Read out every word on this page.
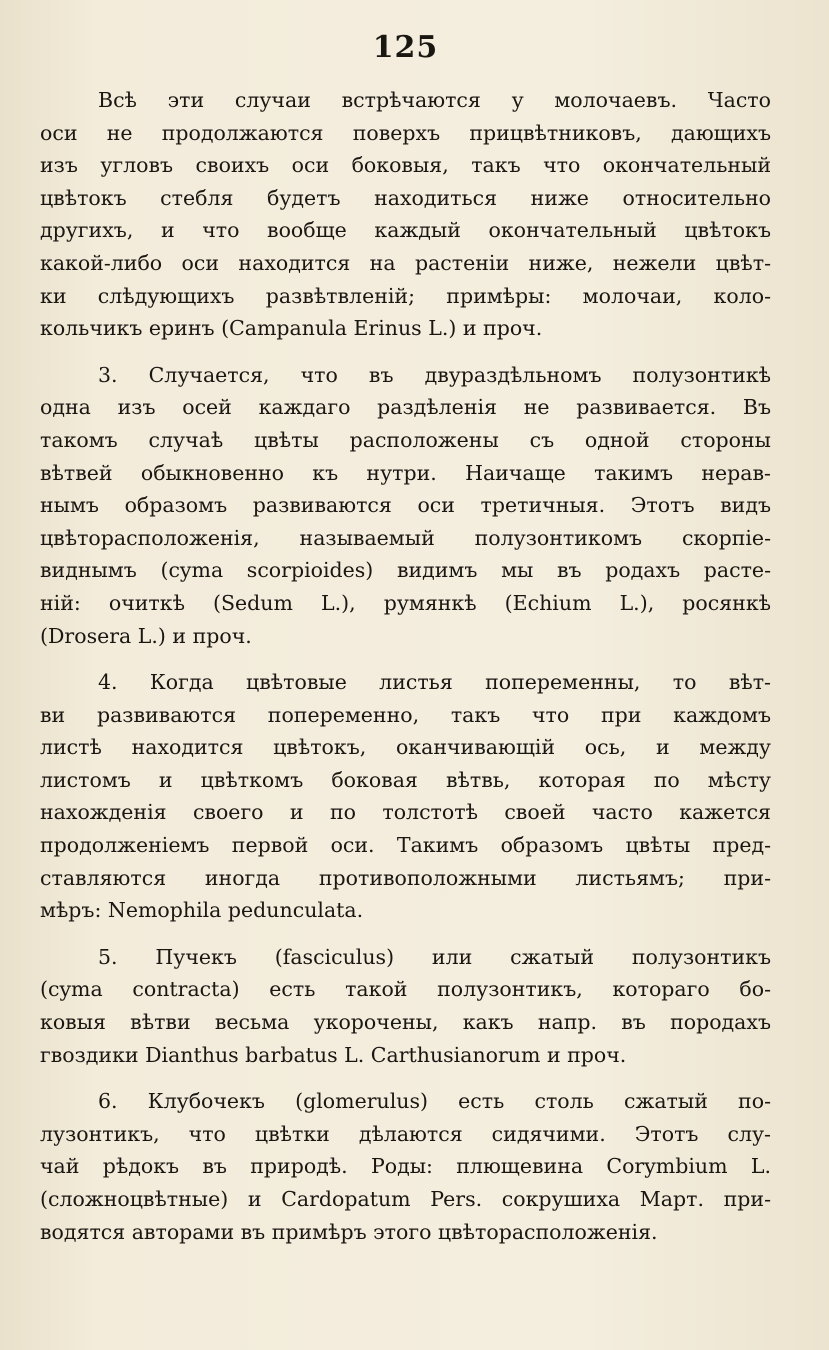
125
Всѣ эти случаи встрѣчаются у молочаевъ. Часто
оси не продолжаются поверхъ прицвѣтниковъ, дающихъ
изъ угловъ своихъ оси боковыя, такъ что окончательный
цвѣтокъ стебля будетъ находиться ниже относительно
другихъ, и что вообще каждый окончательный цвѣтокъ
какой-либо оси находится на растеніи ниже, нежели цвѣт-
ки слѣдующихъ развѣтвленій; примѣры: молочаи, коло-
кольчикъ еринъ (Campanula Erinus L.) и проч.
3. Случается, что въ двураздѣльномъ полузонтикѣ
одна изъ осей каждаго раздѣленія не развивается. Въ
такомъ случаѣ цвѣты расположены съ одной стороны
вѣтвей обыкновенно къ нутри. Наичаще такимъ нерав-
нымъ образомъ развиваются оси третичныя. Этотъ видъ
цвѣторасположенія, называемый полузонтикомъ скорпіе-
виднымъ (cyma scorpioides) видимъ мы въ родахъ расте-
ній: очиткѣ (Sedum L.), румянкѣ (Echium L.), росянкѣ
(Drosera L.) и проч.
4. Когда цвѣтовые листья попеременны, то вѣт-
ви развиваются попеременно, такъ что при каждомъ
листѣ находится цвѣтокъ, оканчивающій ось, и между
листомъ и цвѣткомъ боковая вѣтвь, которая по мѣсту
нахожденія своего и по толстотѣ своей часто кажется
продолженіемъ первой оси. Такимъ образомъ цвѣты пред-
ставляются иногда противоположными листьямъ; при-
мѣръ: Nemophila pedunculata.
5. Пучекъ (fasciculus) или сжатый полузонтикъ
(cyma contracta) есть такой полузонтикъ, котораго бо-
ковыя вѣтви весьма укорочены, какъ напр. въ породахъ
гвоздики Dianthus barbatus L. Carthusianorum и проч.
6. Клубочекъ (glomerulus) есть столь сжатый по-
лузонтикъ, что цвѣтки дѣлаются сидячими. Этотъ слу-
чай рѣдокъ въ природѣ. Роды: плющевина Corymbium L.
(сложноцвѣтные) и Cardopatum Pers. сокрушиха Март. при-
водятся авторами въ примѣръ этого цвѣторасположенія.
